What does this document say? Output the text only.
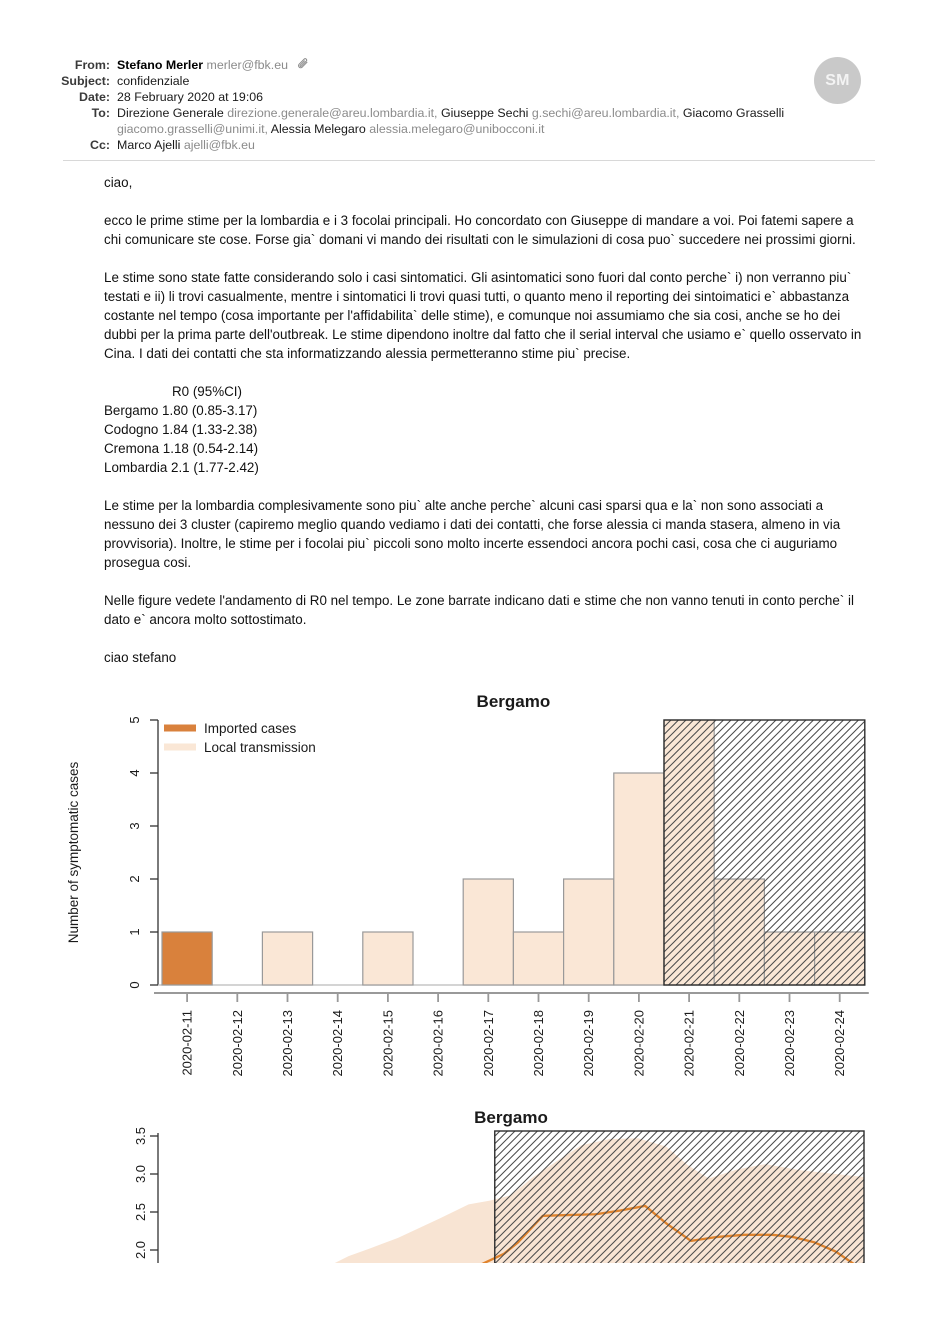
From: Stefano Merler merler@fbk.eu
Subject: confidenziale
Date: 28 February 2020 at 19:06
To: Direzione Generale direzione.generale@areu.lombardia.it, Giuseppe Sechi g.sechi@areu.lombardia.it, Giacomo Grasselli giacomo.grasselli@unimi.it, Alessia Melegaro alessia.melegaro@unibocconi.it
Cc: Marco Ajelli ajelli@fbk.eu
SM

ciao,

ecco le prime stime per la lombardia e i 3 focolai principali. Ho concordato con Giuseppe di mandare a voi. Poi fatemi sapere a chi comunicare ste cose. Forse gia` domani vi mando dei risultati con le simulazioni di cosa puo` succedere nei prossimi giorni.

Le stime sono state fatte considerando solo i casi sintomatici. Gli asintomatici sono fuori dal conto perche` i) non verranno piu` testati e ii) li trovi casualmente, mentre i sintomatici li trovi quasi tutti, o quanto meno il reporting dei sintoimatici e` abbastanza costante nel tempo (cosa importante per l'affidabilita` delle stime), e comunque noi assumiamo che sia cosi, anche se ho dei dubbi per la prima parte dell'outbreak. Le stime dipendono inoltre dal fatto che il serial interval che usiamo e` quello osservato in Cina. I dati dei contatti che sta informatizzando alessia permetteranno stime piu` precise.

R0 (95%CI)
Bergamo 1.80 (0.85-3.17)
Codogno 1.84 (1.33-2.38)
Cremona 1.18 (0.54-2.14)
Lombardia 2.1 (1.77-2.42)

Le stime per la lombardia complesivamente sono piu` alte anche perche` alcuni casi sparsi qua e la` non sono associati a nessuno dei 3 cluster (capiremo meglio quando vediamo i dati dei contatti, che forse alessia ci manda stasera, almeno in via provvisoria). Inoltre, le stime per i focolai piu` piccoli sono molto incerte essendoci ancora pochi casi, cosa che ci auguriamo prosegua cosi.

Nelle figure vedete l'andamento di R0 nel tempo. Le zone barrate indicano dati e stime che non vanno tenuti in conto perche` il dato e` ancora molto sottostimato.

ciao stefano

Bergamo
0
1
2
3
4
5
Number of symptomatic cases
2020-02-11	2020-02-12	2020-02-13	2020-02-14	2020-02-15	2020-02-16	2020-02-17	2020-02-18	2020-02-19	2020-02-20	2020-02-21	2020-02-22	2020-02-23	2020-02-24
Imported cases
Local transmission
Bergamo
2.0
2.5
3.0
3.5
